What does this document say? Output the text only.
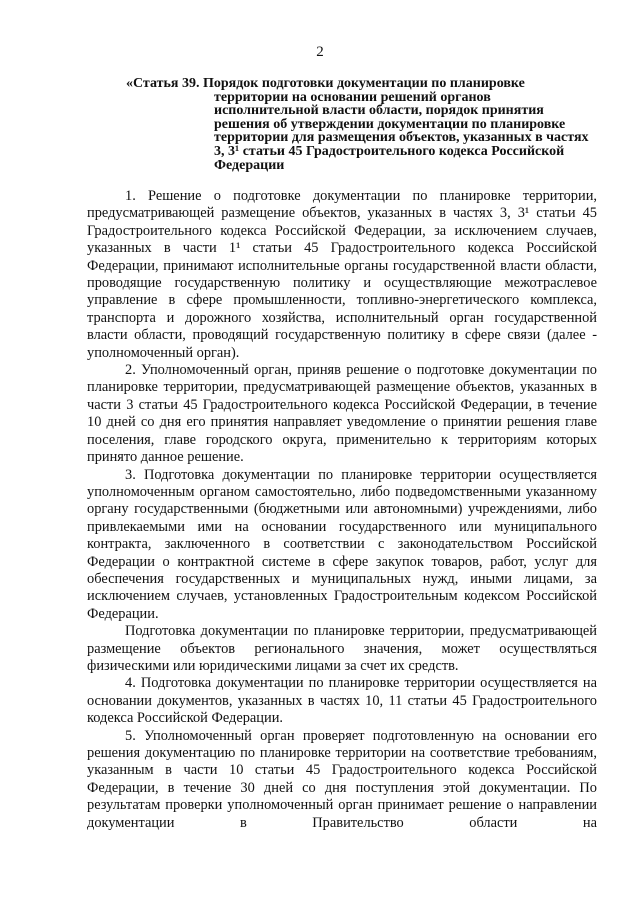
2
«Статья 39. Порядок подготовки документации по планировке
территории на основании решений органов исполнительной власти области, порядок принятия решения об утверждении документации по планировке территории для размещения объектов, указанных в частях 3, 3¹ статьи 45 Градостроительного кодекса Российской Федерации

1. Решение о подготовке документации по планировке территории, предусматривающей размещение объектов, указанных в частях 3, 3¹ статьи 45 Градостроительного кодекса Российской Федерации, за исключением случаев, указанных в части 1¹ статьи 45 Градостроительного кодекса Российской Федерации, принимают исполнительные органы государственной власти области, проводящие государственную политику и осуществляющие межотраслевое управление в сфере промышленности, топливно-энергетического комплекса, транспорта и дорожного хозяйства, исполнительный орган государственной власти области, проводящий государственную политику в сфере связи (далее - уполномоченный орган).

2. Уполномоченный орган, приняв решение о подготовке документации по планировке территории, предусматривающей размещение объектов, указанных в части 3 статьи 45 Градостроительного кодекса Российской Федерации, в течение 10 дней со дня его принятия направляет уведомление о принятии решения главе поселения, главе городского округа, применительно к территориям которых принято данное решение.

3. Подготовка документации по планировке территории осуществляется уполномоченным органом самостоятельно, либо подведомственными указанному органу государственными (бюджетными или автономными) учреждениями, либо привлекаемыми ими на основании государственного или муниципального контракта, заключенного в соответствии с законодательством Российской Федерации о контрактной системе в сфере закупок товаров, работ, услуг для обеспечения государственных и муниципальных нужд, иными лицами, за исключением случаев, установленных Градостроительным кодексом Российской Федерации.

Подготовка документации по планировке территории, предусматривающей размещение объектов регионального значения, может осуществляться физическими или юридическими лицами за счет их средств.

4. Подготовка документации по планировке территории осуществляется на основании документов, указанных в частях 10, 11 статьи 45 Градостроительного кодекса Российской Федерации.

5. Уполномоченный орган проверяет подготовленную на основании его решения документацию по планировке территории на соответствие требованиям, указанным в части 10 статьи 45 Градостроительного кодекса Российской Федерации, в течение 30 дней со дня поступления этой документации. По результатам проверки уполномоченный орган принимает решение о направлении документации в Правительство области на
